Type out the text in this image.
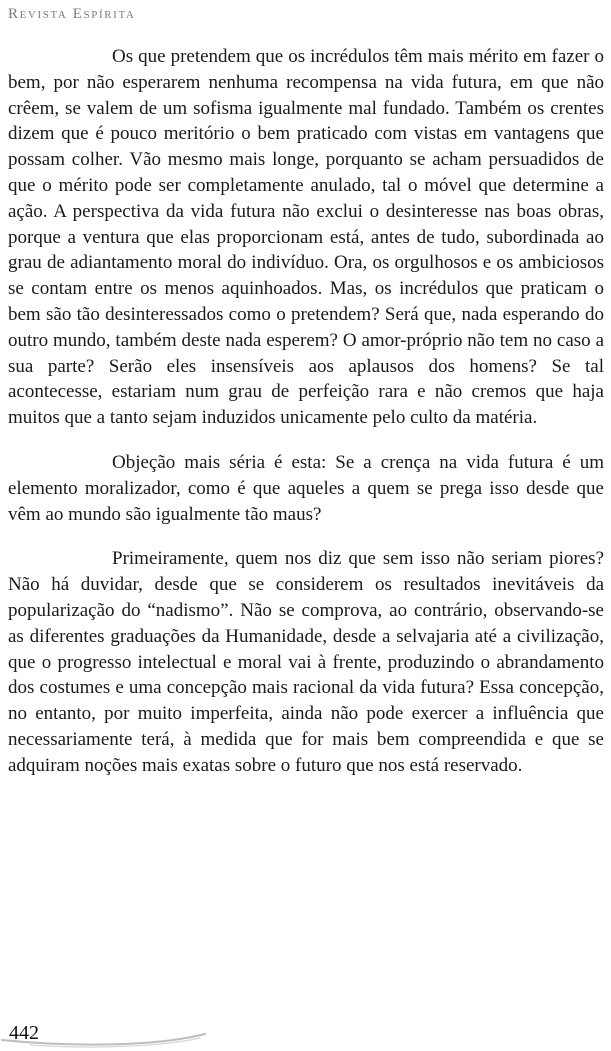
Revista Espírita

Os que pretendem que os incrédulos têm mais mérito em fazer o bem, por não esperarem nenhuma recompensa na vida futura, em que não crêem, se valem de um sofisma igualmente mal fundado. Também os crentes dizem que é pouco meritório o bem praticado com vistas em vantagens que possam colher. Vão mesmo mais longe, porquanto se acham persuadidos de que o mérito pode ser completamente anulado, tal o móvel que determine a ação. A perspectiva da vida futura não exclui o desinteresse nas boas obras, porque a ventura que elas proporcionam está, antes de tudo, subordinada ao grau de adiantamento moral do indivíduo. Ora, os orgulhosos e os ambiciosos se contam entre os menos aquinhoados. Mas, os incrédulos que praticam o bem são tão desinteressados como o pretendem? Será que, nada esperando do outro mundo, também deste nada esperem? O amor-próprio não tem no caso a sua parte? Serão eles insensíveis aos aplausos dos homens? Se tal acontecesse, estariam num grau de perfeição rara e não cremos que haja muitos que a tanto sejam induzidos unicamente pelo culto da matéria.

Objeção mais séria é esta: Se a crença na vida futura é um elemento moralizador, como é que aqueles a quem se prega isso desde que vêm ao mundo são igualmente tão maus?

Primeiramente, quem nos diz que sem isso não seriam piores? Não há duvidar, desde que se considerem os resultados inevitáveis da popularização do “nadismo”. Não se comprova, ao contrário, observando-se as diferentes graduações da Humanidade, desde a selvajaria até a civilização, que o progresso intelectual e moral vai à frente, produzindo o abrandamento dos costumes e uma concepção mais racional da vida futura? Essa concepção, no entanto, por muito imperfeita, ainda não pode exercer a influência que necessariamente terá, à medida que for mais bem compreendida e que se adquiram noções mais exatas sobre o futuro que nos está reservado.

442
